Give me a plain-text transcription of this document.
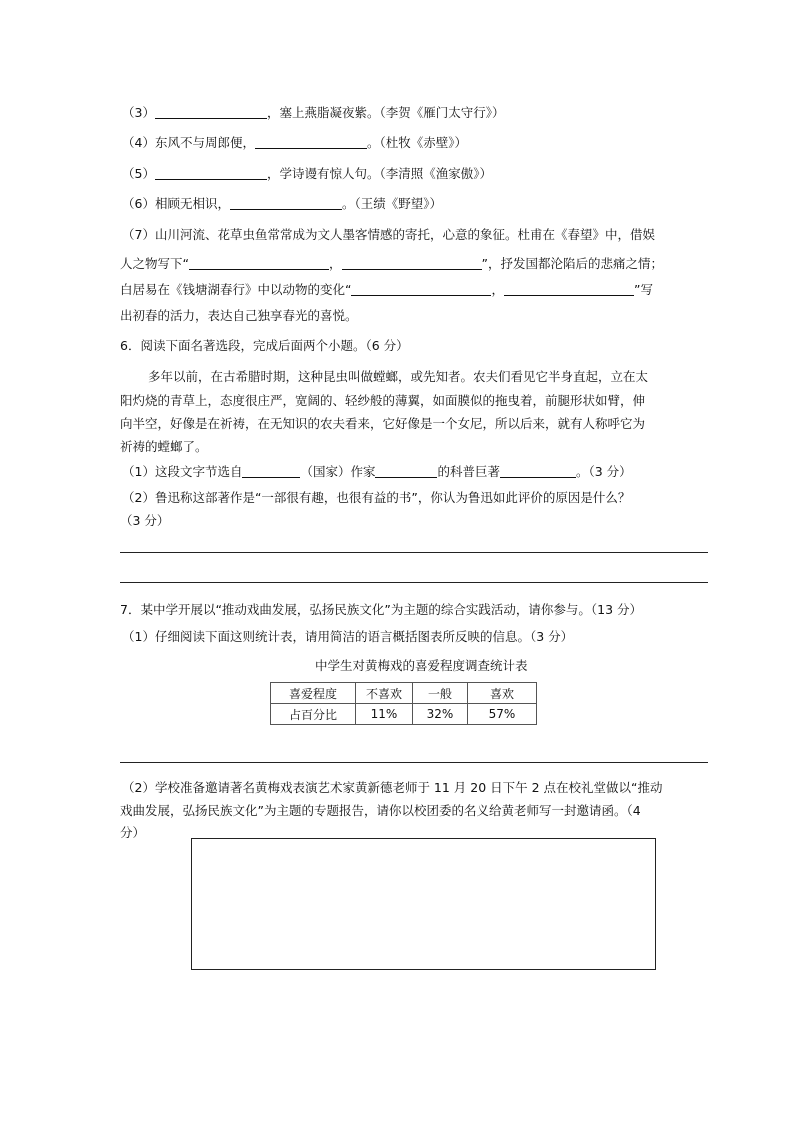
（3）	，塞上燕脂凝夜紫。（李贺《雁门太守行》）
（4）东风不与周郎便，	。（杜牧《赤壁》）
（5）	，学诗谩有惊人句。（李清照《渔家傲》）
（6）相顾无相识，	。（王绩《野望》）
（7）山川河流、花草虫鱼常常成为文人墨客情感的寄托，心意的象征。杜甫在《春望》中，借娱
人之物写下“	，	”，抒发国都沦陷后的悲痛之情；
白居易在《钱塘湖春行》中以动物的变化“	，	”写
出初春的活力，表达自己独享春光的喜悦。
6．阅读下面名著选段，完成后面两个小题。（6 分）
多年以前，在古希腊时期，这种昆虫叫做螳螂，或先知者。农夫们看见它半身直起，立在太
阳灼烧的青草上，态度很庄严，宽阔的、轻纱般的薄翼，如面膜似的拖曳着，前腿形状如臂，伸
向半空，好像是在祈祷，在无知识的农夫看来，它好像是一个女尼，所以后来，就有人称呼它为
祈祷的螳螂了。
（1）这段文字节选自	（国家）作家	的科普巨著	。（3 分）
（2）鲁迅称这部著作是“一部很有趣，也很有益的书”，你认为鲁迅如此评价的原因是什么？
（3 分）
7．某中学开展以“推动戏曲发展，弘扬民族文化”为主题的综合实践活动，请你参与。（13 分）
（1）仔细阅读下面这则统计表，请用简洁的语言概括图表所反映的信息。（3 分）
中学生对黄梅戏的喜爱程度调查统计表
喜爱程度	不喜欢	一般	喜欢
占百分比	11%	32%	57%
（2）学校准备邀请著名黄梅戏表演艺术家黄新德老师于 11 月 20 日下午 2 点在校礼堂做以“推动
戏曲发展，弘扬民族文化”为主题的专题报告，请你以校团委的名义给黄老师写一封邀请函。（4
分）
